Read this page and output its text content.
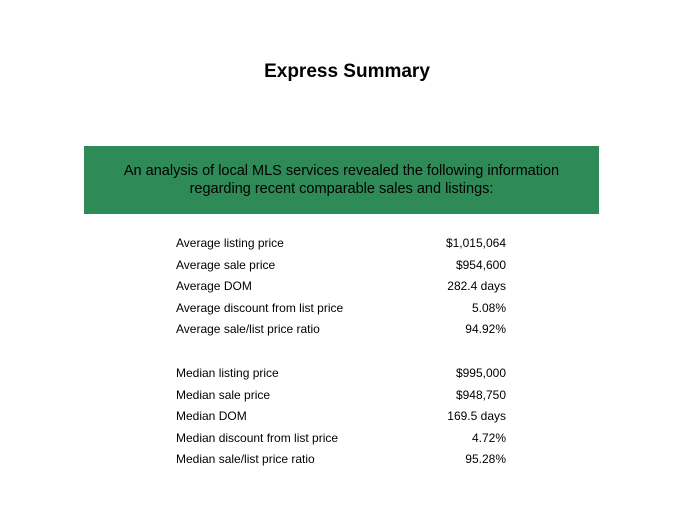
Express Summary
An analysis of local MLS services revealed the following information regarding recent comparable sales and listings:
Average listing price	$1,015,064
Average sale price	$954,600
Average DOM	282.4 days
Average discount from list price	5.08%
Average sale/list price ratio	94.92%
Median listing price	$995,000
Median sale price	$948,750
Median DOM	169.5 days
Median discount from list price	4.72%
Median sale/list price ratio	95.28%
